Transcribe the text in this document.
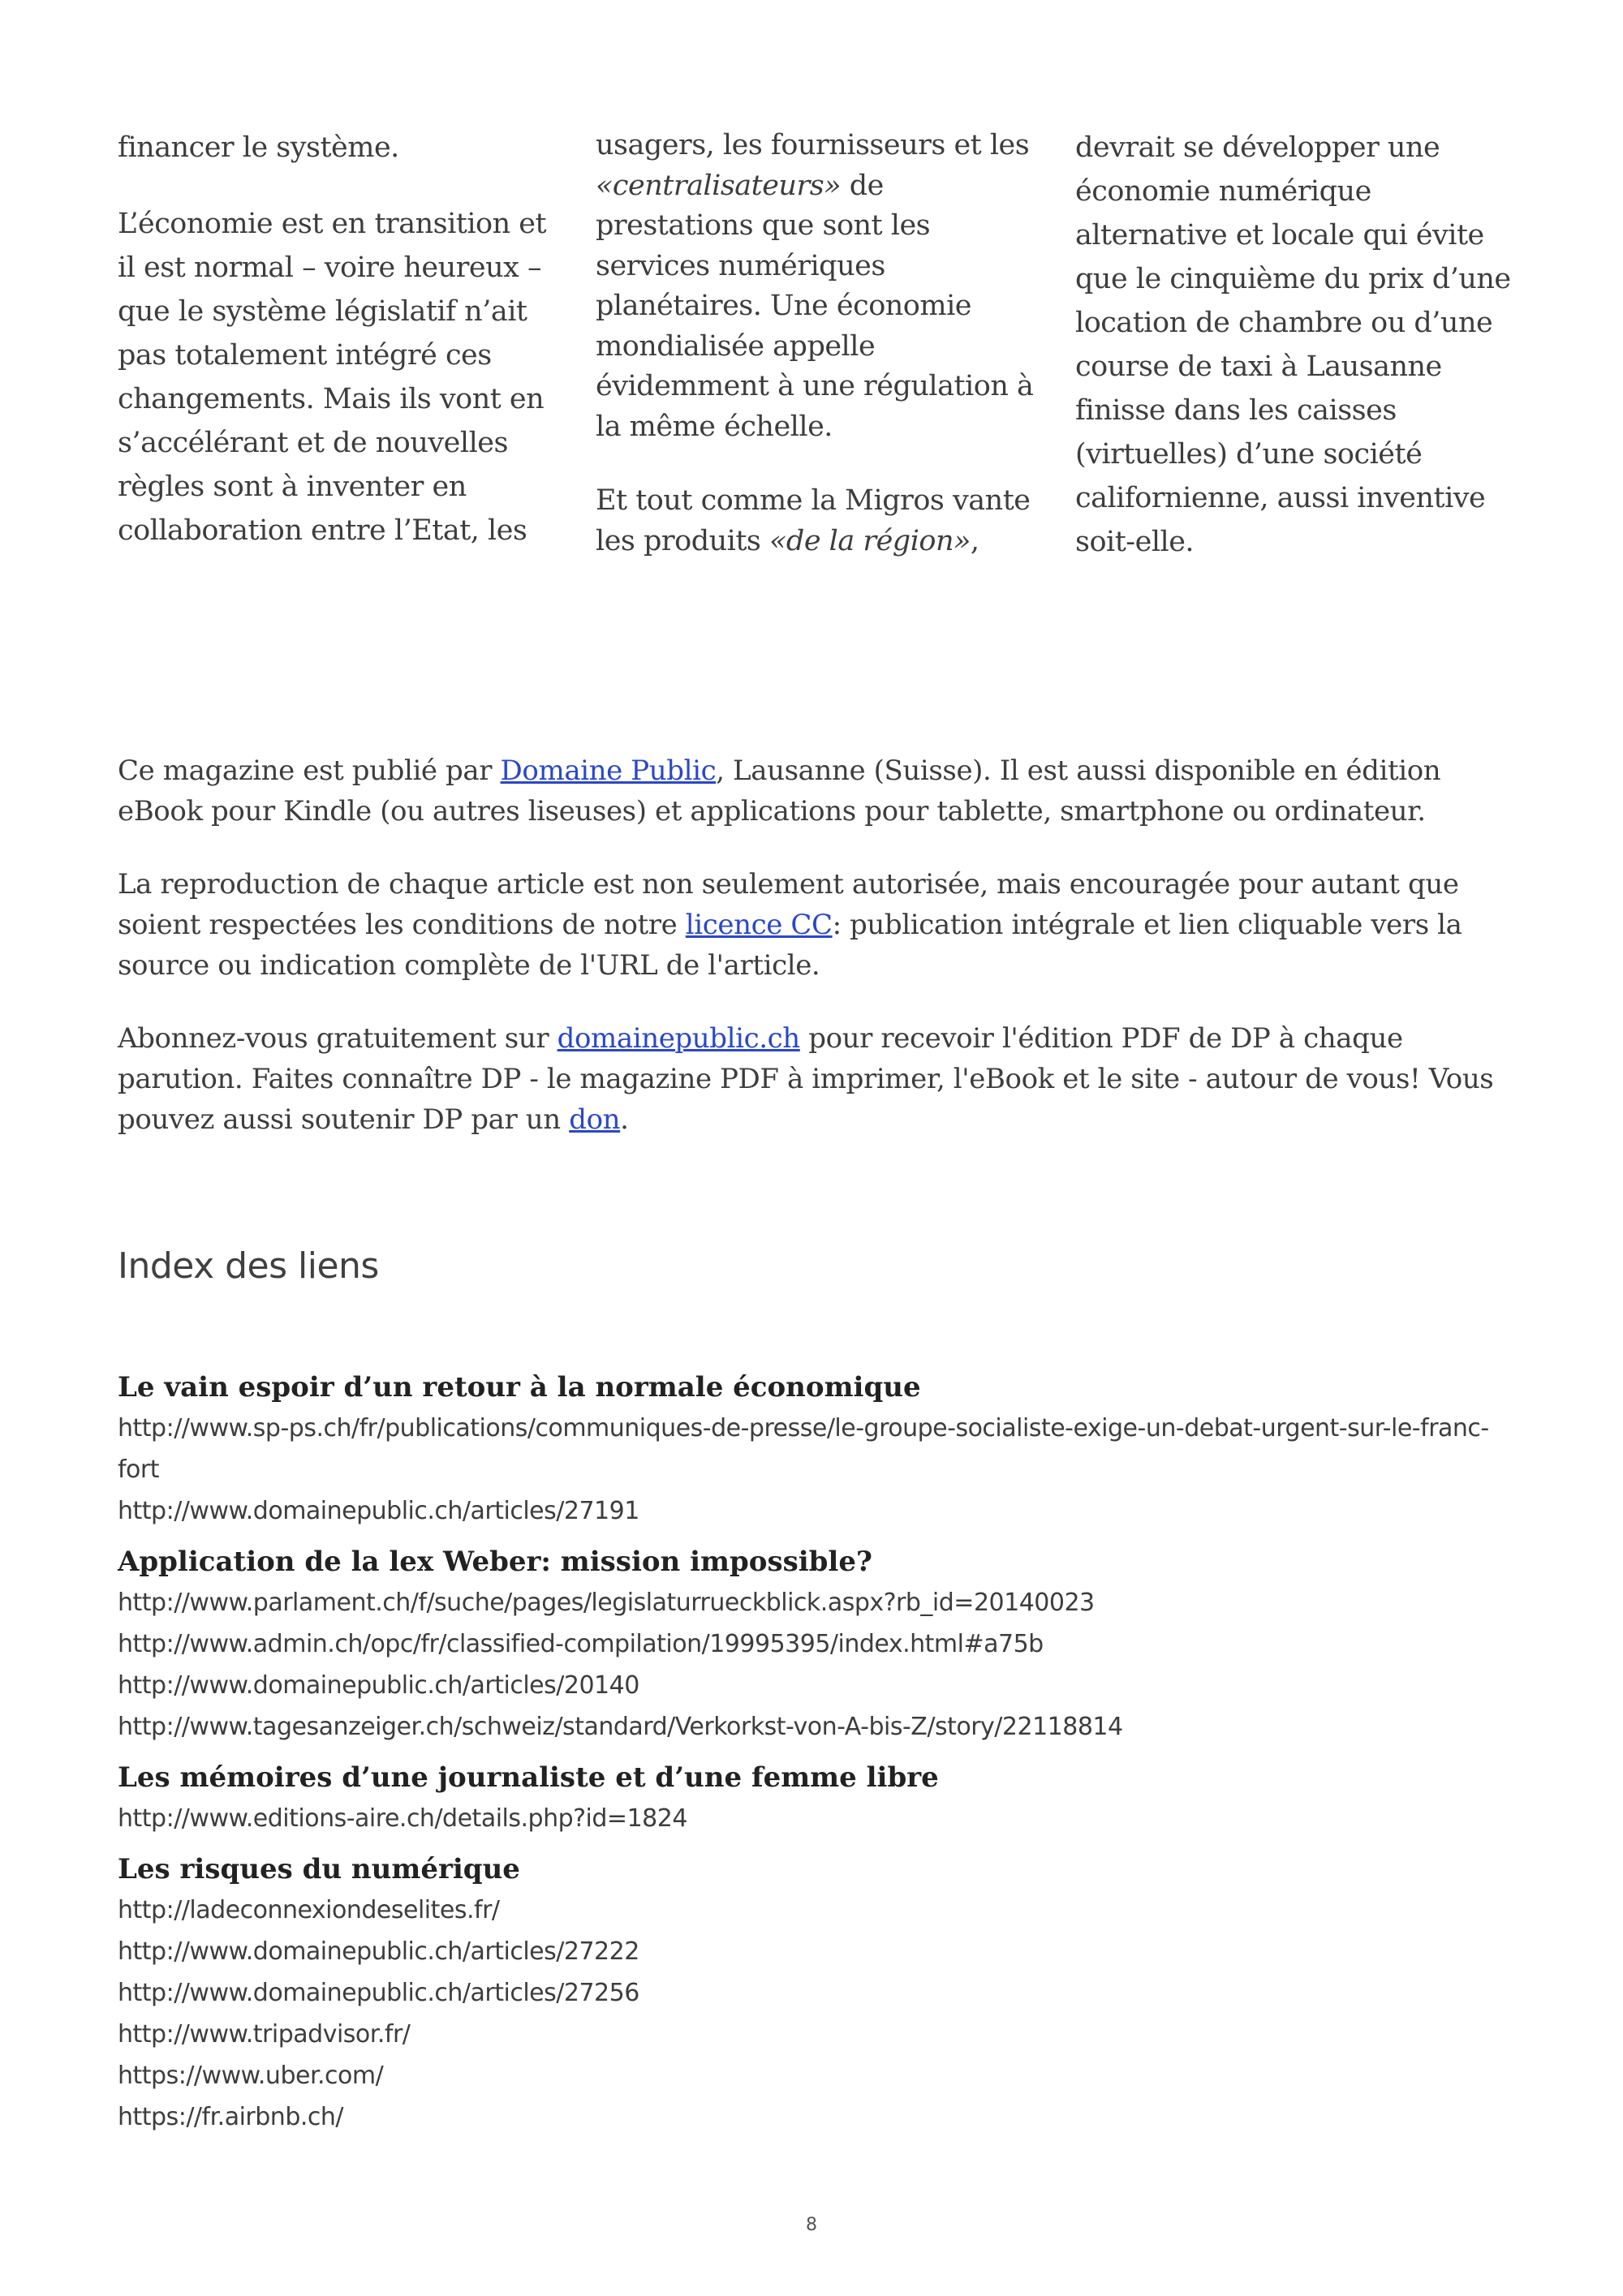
financer le système.

L’économie est en transition et il est normal – voire heureux – que le système législatif n’ait pas totalement intégré ces changements. Mais ils vont en s’accélérant et de nouvelles règles sont à inventer en collaboration entre l’Etat, les

usagers, les fournisseurs et les «centralisateurs» de prestations que sont les services numériques planétaires. Une économie mondialisée appelle évidemment à une régulation à la même échelle.

Et tout comme la Migros vante les produits «de la région»,

devrait se développer une économie numérique alternative et locale qui évite que le cinquième du prix d’une location de chambre ou d’une course de taxi à Lausanne finisse dans les caisses (virtuelles) d’une société californienne, aussi inventive soit-elle.

Ce magazine est publié par Domaine Public, Lausanne (Suisse). Il est aussi disponible en édition eBook pour Kindle (ou autres liseuses) et applications pour tablette, smartphone ou ordinateur.

La reproduction de chaque article est non seulement autorisée, mais encouragée pour autant que soient respectées les conditions de notre licence CC: publication intégrale et lien cliquable vers la source ou indication complète de l'URL de l'article.

Abonnez-vous gratuitement sur domainepublic.ch pour recevoir l'édition PDF de DP à chaque parution. Faites connaître DP - le magazine PDF à imprimer, l'eBook et le site - autour de vous! Vous pouvez aussi soutenir DP par un don.

Index des liens

Le vain espoir d’un retour à la normale économique

http://www.sp-ps.ch/fr/publications/communiques-de-presse/le-groupe-socialiste-exige-un-debat-urgent-sur-le-franc-fort

http://www.domainepublic.ch/articles/27191

Application de la lex Weber: mission impossible?

http://www.parlament.ch/f/suche/pages/legislaturrueckblick.aspx?rb_id=20140023

http://www.admin.ch/opc/fr/classified-compilation/19995395/index.html#a75b

http://www.domainepublic.ch/articles/20140

http://www.tagesanzeiger.ch/schweiz/standard/Verkorkst-von-A-bis-Z/story/22118814

Les mémoires d’une journaliste et d’une femme libre

http://www.editions-aire.ch/details.php?id=1824

Les risques du numérique

http://ladeconnexiondeselites.fr/

http://www.domainepublic.ch/articles/27222

http://www.domainepublic.ch/articles/27256

http://www.tripadvisor.fr/

https://www.uber.com/

https://fr.airbnb.ch/

8
